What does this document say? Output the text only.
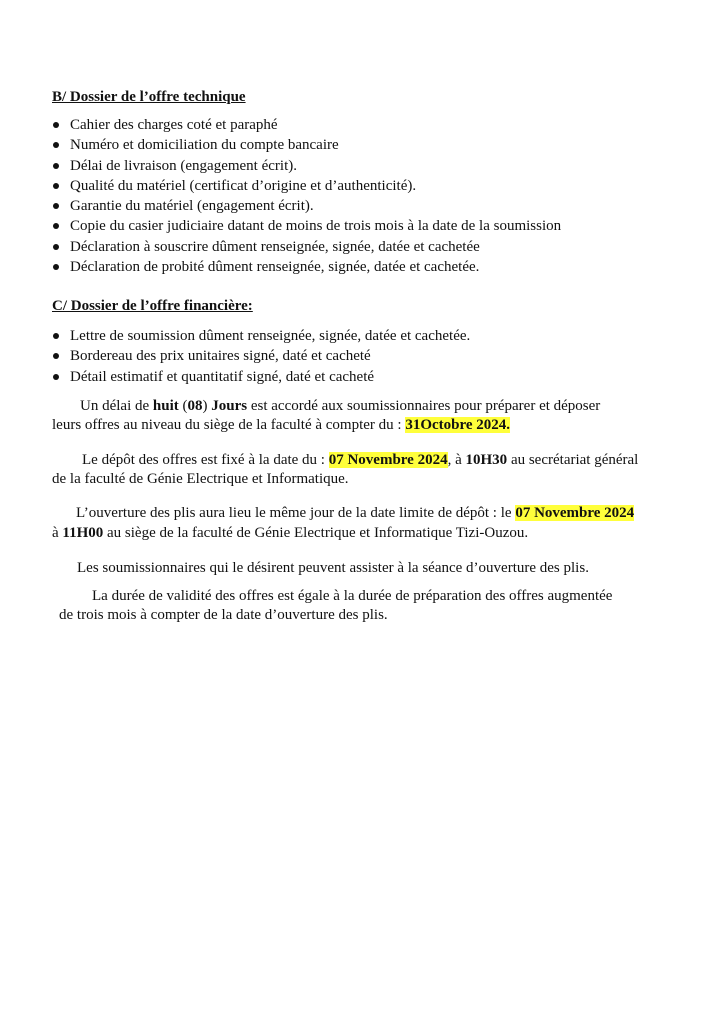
B/ Dossier de l’offre technique
Cahier des charges coté et paraphé
Numéro et domiciliation du compte bancaire
Délai de livraison (engagement écrit).
Qualité du matériel (certificat d’origine et d’authenticité).
Garantie du matériel (engagement écrit).
Copie du casier judiciaire datant de moins de trois mois à la date de la soumission
Déclaration à souscrire dûment renseignée, signée, datée et cachetée
Déclaration de probité dûment renseignée, signée, datée et cachetée.
C/ Dossier de l’offre financière:
Lettre de soumission dûment renseignée, signée, datée et cachetée.
Bordereau des prix unitaires signé, daté et cacheté
Détail estimatif et quantitatif signé, daté et cacheté
Un délai de huit (08) Jours est accordé aux soumissionnaires pour préparer et déposer
leurs offres au niveau du siège de la faculté à compter du : 31Octobre 2024.
Le dépôt des offres est fixé à la date du : 07 Novembre 2024, à 10H30 au secrétariat général
de la faculté de Génie Electrique et Informatique.
L’ouverture des plis aura lieu le même jour de la date limite de dépôt : le 07 Novembre 2024
à 11H00 au siège de la faculté de Génie Electrique et Informatique Tizi-Ouzou.
Les soumissionnaires qui le désirent peuvent assister à la séance d’ouverture des plis.
La durée de validité des offres est égale à la durée de préparation des offres augmentée
de trois mois à compter de la date d’ouverture des plis.
